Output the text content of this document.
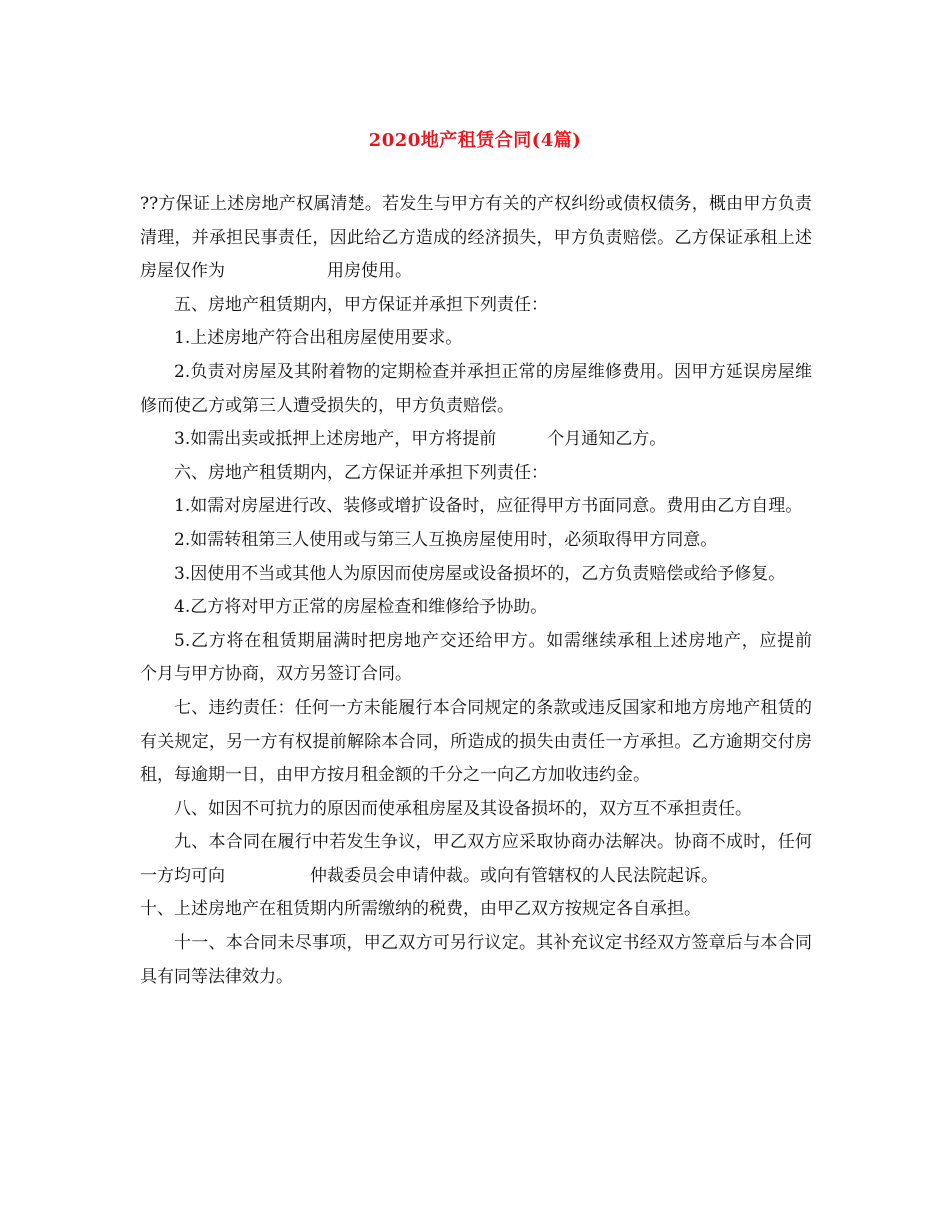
2020地产租赁合同(4篇)

??方保证上述房地产权属清楚。若发生与甲方有关的产权纠纷或债权债务，概由甲方负责清理，并承担民事责任，因此给乙方造成的经济损失，甲方负责赔偿。乙方保证承租上述房屋仅作为　　　　　　用房使用。

五、房地产租赁期内，甲方保证并承担下列责任：

1.上述房地产符合出租房屋使用要求。

2.负责对房屋及其附着物的定期检查并承担正常的房屋维修费用。因甲方延误房屋维修而使乙方或第三人遭受损失的，甲方负责赔偿。

3.如需出卖或抵押上述房地产，甲方将提前　　　个月通知乙方。

六、房地产租赁期内，乙方保证并承担下列责任：

1.如需对房屋进行改、装修或增扩设备时，应征得甲方书面同意。费用由乙方自理。

2.如需转租第三人使用或与第三人互换房屋使用时，必须取得甲方同意。

3.因使用不当或其他人为原因而使房屋或设备损坏的，乙方负责赔偿或给予修复。

4.乙方将对甲方正常的房屋检查和维修给予协助。

5.乙方将在租赁期届满时把房地产交还给甲方。如需继续承租上述房地产，应提前　　个月与甲方协商，双方另签订合同。

七、违约责任：任何一方未能履行本合同规定的条款或违反国家和地方房地产租赁的有关规定，另一方有权提前解除本合同，所造成的损失由责任一方承担。乙方逾期交付房租，每逾期一日，由甲方按月租金额的千分之一向乙方加收违约金。

八、如因不可抗力的原因而使承租房屋及其设备损坏的，双方互不承担责任。

九、本合同在履行中若发生争议，甲乙双方应采取协商办法解决。协商不成时，任何一方均可向　　　　　仲裁委员会申请仲裁。或向有管辖权的人民法院起诉。

十、上述房地产在租赁期内所需缴纳的税费，由甲乙双方按规定各自承担。

十一、本合同未尽事项，甲乙双方可另行议定。其补充议定书经双方签章后与本合同具有同等法律效力。
